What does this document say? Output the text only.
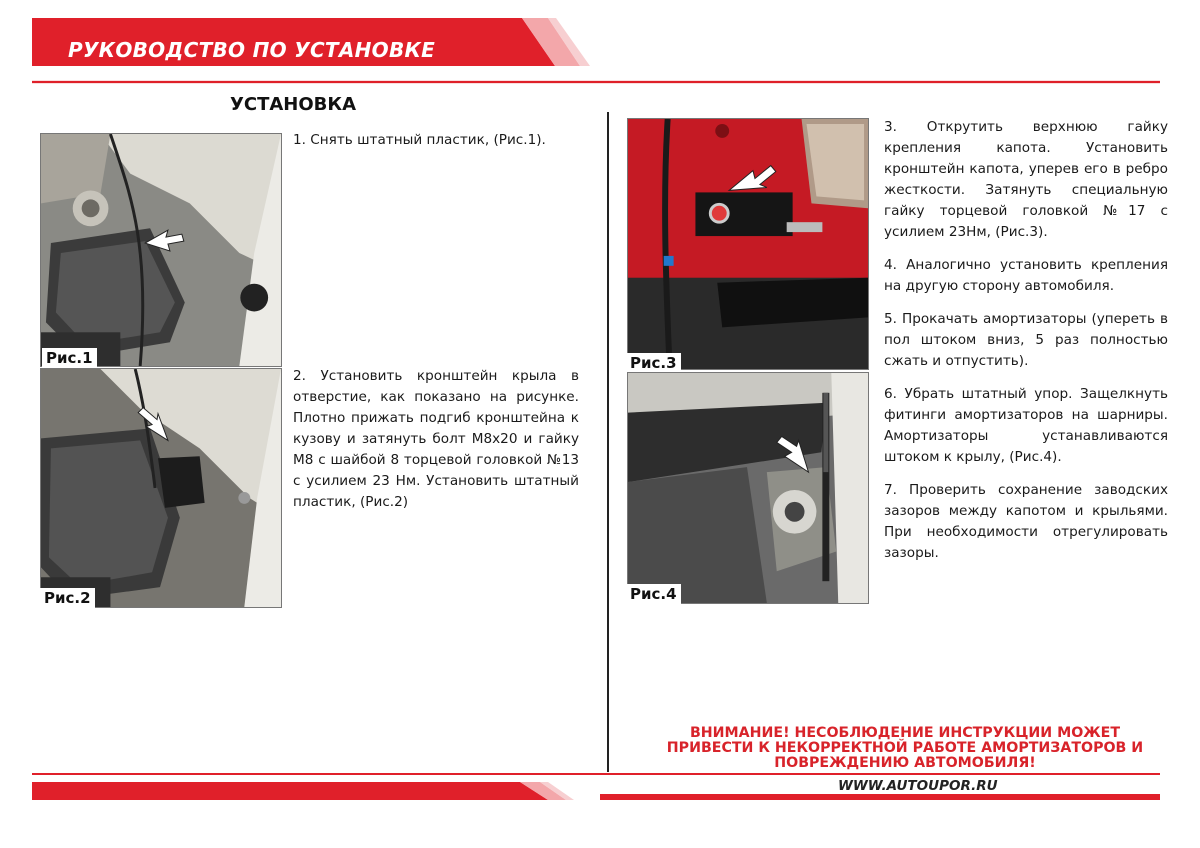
РУКОВОДСТВО ПО УСТАНОВКЕ
УСТАНОВКА
Рис.1
Рис.2

1. Снять штатный пластик, (Рис.1).

2. Установить кронштейн крыла в отверстие, как показано на рисунке. Плотно прижать подгиб кронштейна к кузову и затянуть болт М8х20 и гайку М8 с шайбой 8 торцевой головкой №13 с усилием 23 Нм. Установить штатный пластик, (Рис.2)

Рис.3
Рис.4

3. Открутить верхнюю гайку крепления капота. Установить кронштейн капота, уперев его в ребро жесткости. Затянуть специальную гайку торцевой головкой №17 с усилием 23Нм, (Рис.3).

4. Аналогично установить крепления на другую сторону автомобиля.

5. Прокачать амортизаторы (упереть в пол штоком вниз, 5 раз полностью сжать и отпустить).

6. Убрать штатный упор. Защелкнуть фитинги амортизаторов на шарниры. Амортизаторы устанавливаются штоком к крылу, (Рис.4).

7. Проверить сохранение заводских зазоров между капотом и крыльями. При необходимости отрегулировать зазоры.

ВНИМАНИЕ! НЕСОБЛЮДЕНИЕ ИНСТРУКЦИИ МОЖЕТ ПРИВЕСТИ К НЕКОРРЕКТНОЙ РАБОТЕ АМОРТИЗАТОРОВ И ПОВРЕЖДЕНИЮ АВТОМОБИЛЯ!
WWW.AUTOUPOR.RU
